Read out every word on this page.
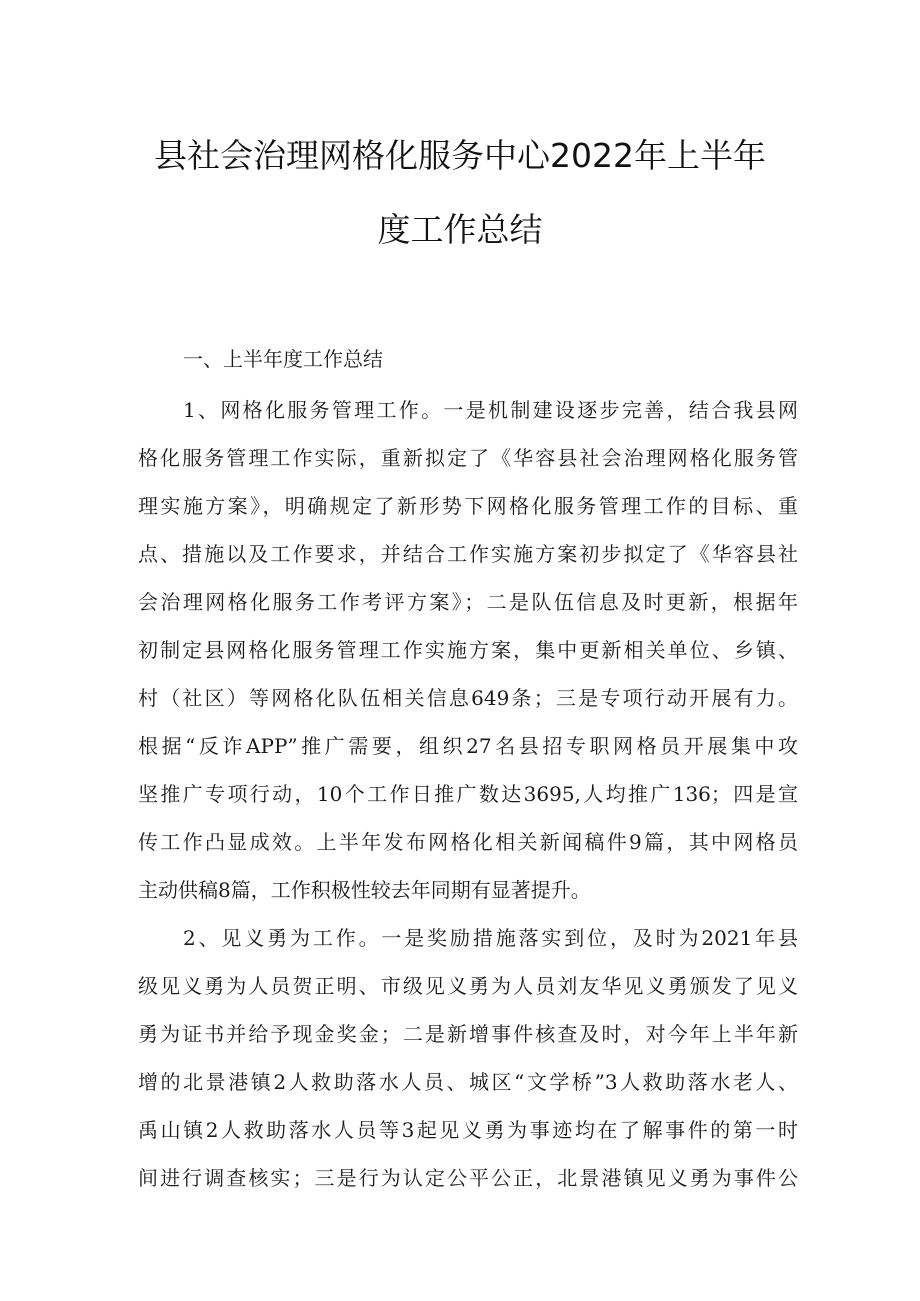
县社会治理网格化服务中心2022年上半年
度工作总结
一、上半年度工作总结
1、网格化服务管理工作。一是机制建设逐步完善，结合我县网
格化服务管理工作实际，重新拟定了《华容县社会治理网格化服务管
理实施方案》，明确规定了新形势下网格化服务管理工作的目标、重
点、措施以及工作要求，并结合工作实施方案初步拟定了《华容县社
会治理网格化服务工作考评方案》；二是队伍信息及时更新，根据年
初制定县网格化服务管理工作实施方案，集中更新相关单位、乡镇、
村（社区）等网格化队伍相关信息649条；三是专项行动开展有力。
根据“反诈APP”推广需要，组织27名县招专职网格员开展集中攻
坚推广专项行动，10个工作日推广数达3695,人均推广136；四是宣
传工作凸显成效。上半年发布网格化相关新闻稿件9篇，其中网格员
主动供稿8篇，工作积极性较去年同期有显著提升。
2、见义勇为工作。一是奖励措施落实到位，及时为2021年县
级见义勇为人员贺正明、市级见义勇为人员刘友华见义勇颁发了见义
勇为证书并给予现金奖金；二是新增事件核查及时，对今年上半年新
增的北景港镇2人救助落水人员、城区“文学桥”3人救助落水老人、
禹山镇2人救助落水人员等3起见义勇为事迹均在了解事件的第一时
间进行调查核实；三是行为认定公平公正，北景港镇见义勇为事件公
